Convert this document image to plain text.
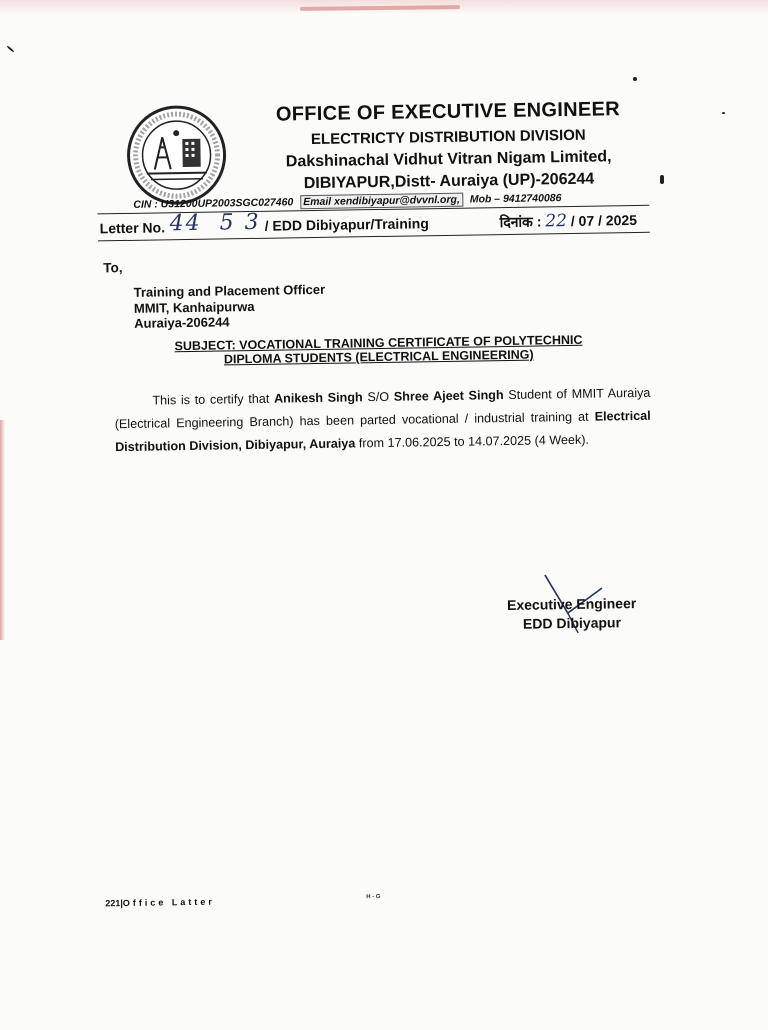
OFFICE OF EXECUTIVE ENGINEER
ELECTRICTY DISTRIBUTION DIVISION
Dakshinachal Vidhut Vitran Nigam Limited,
DIBIYAPUR,Distt- Auraiya (UP)-206244
CIN : U31200UP2003SGC027460 Email xendibiyapur@dvvnl.org, Mob – 9412740086
Letter No. 44  5 3 / EDD Dibiyapur/Training	दिनांक : 22 / 07 / 2025
To,
Training and Placement Officer
MMIT, Kanhaipurwa
Auraiya-206244
SUBJECT: VOCATIONAL TRAINING CERTIFICATE OF POLYTECHNIC
DIPLOMA STUDENTS (ELECTRICAL ENGINEERING)
This is to certify that Anikesh Singh S/O Shree Ajeet Singh Student of MMIT Auraiya (Electrical Engineering Branch) has been parted vocational / industrial training at Electrical Distribution Division, Dibiyapur, Auraiya from 17.06.2025 to 14.07.2025 (4 Week).
Executive Engineer
EDD Dibiyapur
221|Office Latter	H - G
